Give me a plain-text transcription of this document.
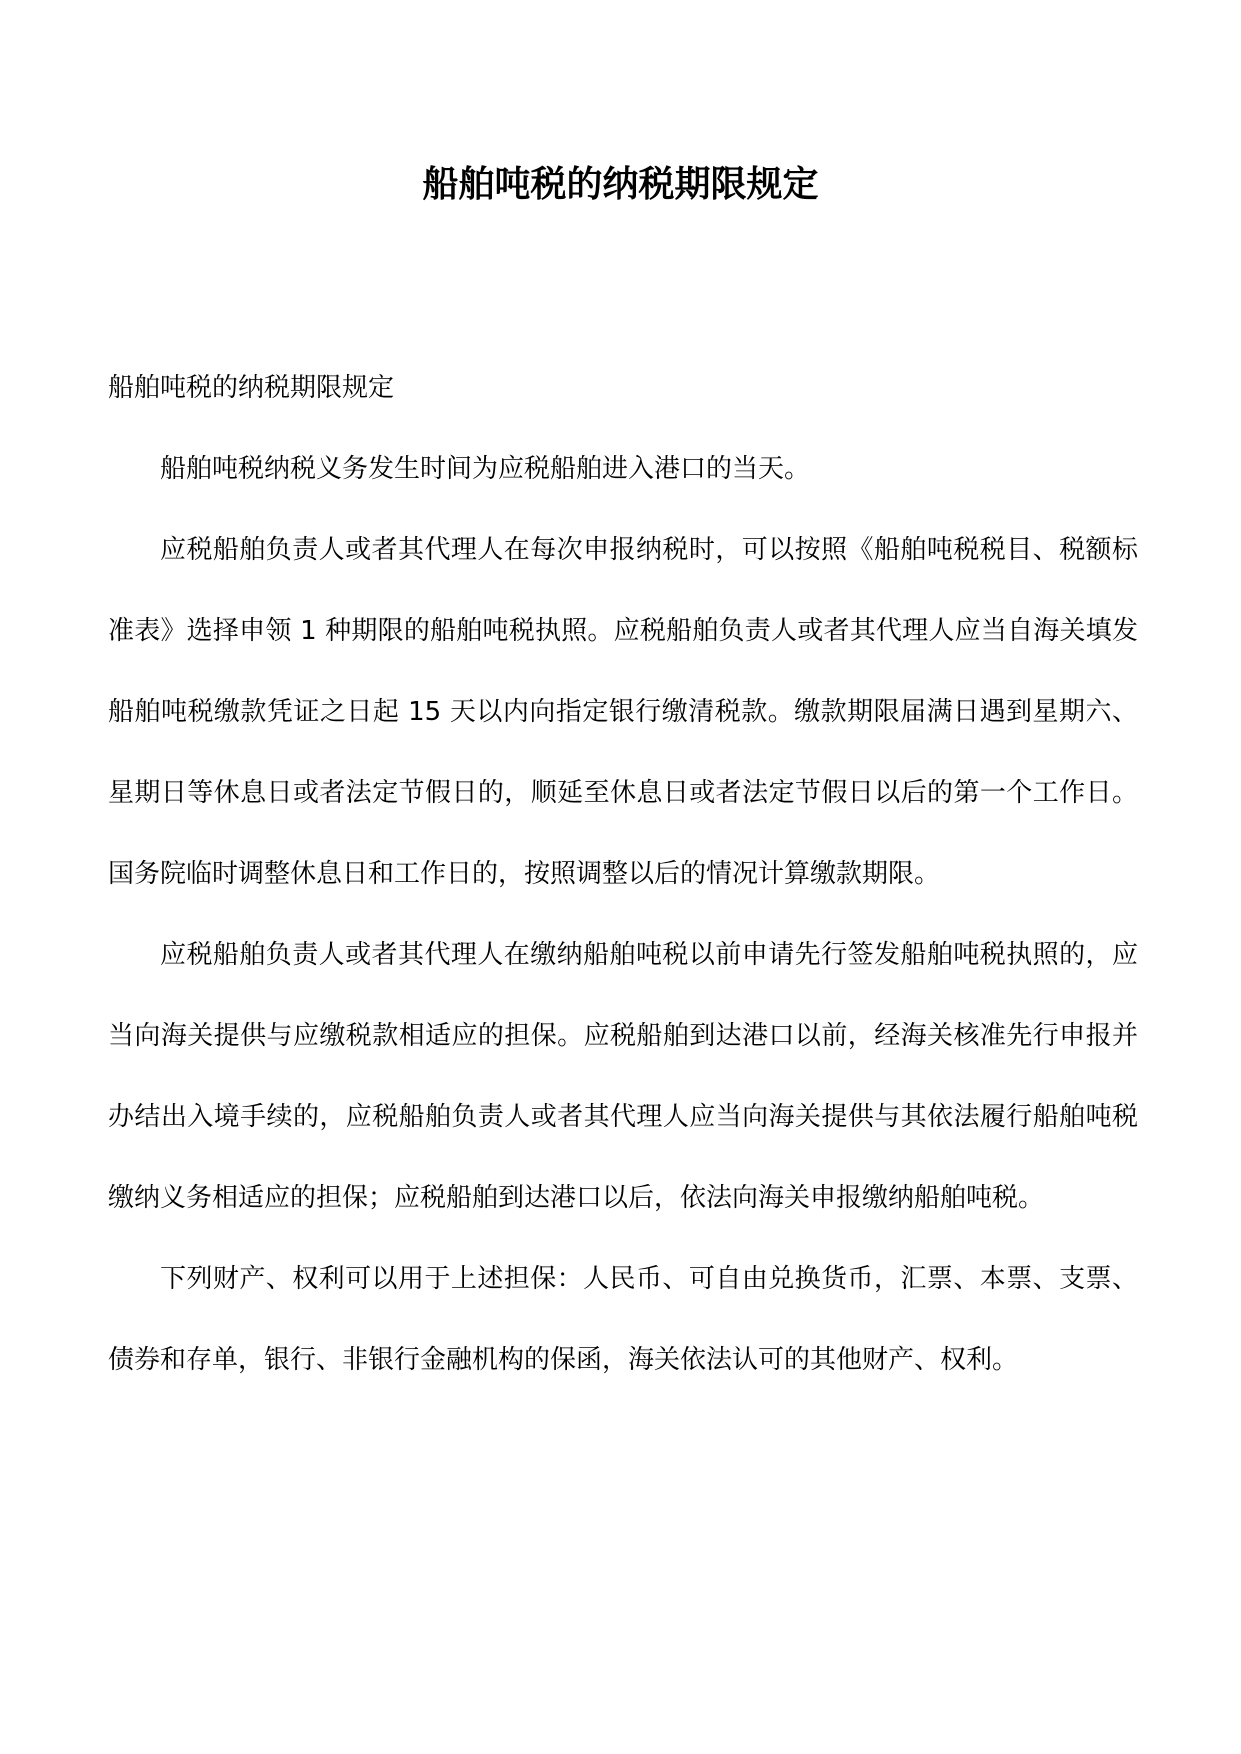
船舶吨税的纳税期限规定

船舶吨税的纳税期限规定

船舶吨税纳税义务发生时间为应税船舶进入港口的当天。

应税船舶负责人或者其代理人在每次申报纳税时，可以按照《船舶吨税税目、税额标准表》选择申领 1 种期限的船舶吨税执照。应税船舶负责人或者其代理人应当自海关填发船舶吨税缴款凭证之日起 15 天以内向指定银行缴清税款。缴款期限届满日遇到星期六、星期日等休息日或者法定节假日的，顺延至休息日或者法定节假日以后的第一个工作日。国务院临时调整休息日和工作日的，按照调整以后的情况计算缴款期限。

应税船舶负责人或者其代理人在缴纳船舶吨税以前申请先行签发船舶吨税执照的，应当向海关提供与应缴税款相适应的担保。应税船舶到达港口以前，经海关核准先行申报并办结出入境手续的，应税船舶负责人或者其代理人应当向海关提供与其依法履行船舶吨税缴纳义务相适应的担保；应税船舶到达港口以后，依法向海关申报缴纳船舶吨税。

下列财产、权利可以用于上述担保：人民币、可自由兑换货币，汇票、本票、支票、债券和存单，银行、非银行金融机构的保函，海关依法认可的其他财产、权利。
